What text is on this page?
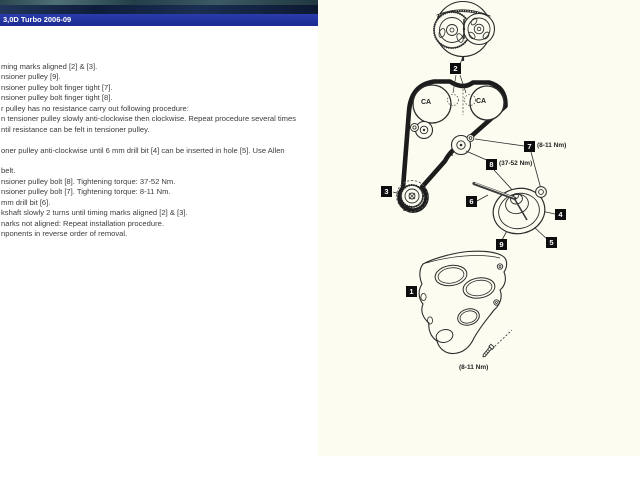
3,0D Turbo 2006-09
ming marks aligned [2] & [3].
nsioner pulley [9].
nsioner pulley bolt finger tight [7].
nsioner pulley bolt finger tight [8].
r pulley has no resistance carry out following procedure:
n tensioner pulley slowly anti-clockwise then clockwise. Repeat procedure several times
ntil resistance can be felt in tensioner pulley.
oner pulley anti-clockwise until 6 mm drill bit [4] can be inserted in hole [5]. Use Allen
belt.
nsioner pulley bolt [8]. Tightening torque: 37-52 Nm.
nsioner pulley bolt [7]. Tightening torque: 8-11 Nm.
mm drill bit [6].
kshaft slowly 2 turns until timing marks aligned [2] & [3].
narks not aligned: Repeat installation procedure.
nponents in reverse order of removal.
1
2
3
4
5
6
7
8
9
(8-11 Nm)
(37-52 Nm)
(8-11 Nm)
CA	CA
T
FP
